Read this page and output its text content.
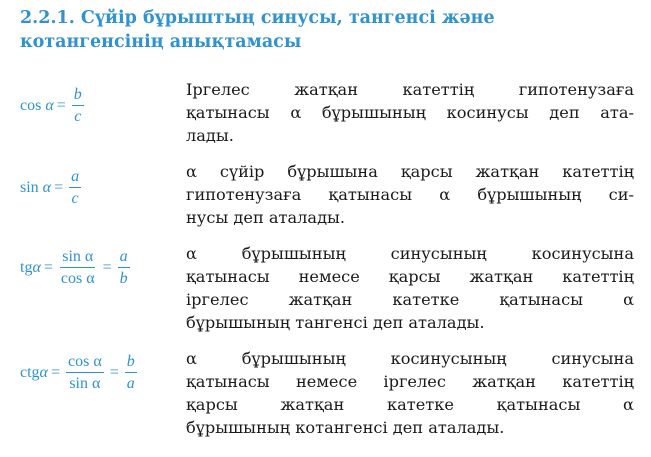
2.2.1. Сүйір бұрыштың синусы, тангенсі және
котангенсінің анықтамасы
cos
$\alpha = \frac{b}{c}$	Іргелес жатқан катеттің гипотенузаға
қатынасы α бұрышының косинусы деп ата-
лады.
sin
$\alpha = \frac{a}{c}$	α сүйір бұрышына қарсы жатқан катеттің
гипотенузаға қатынасы α бұрышының си-
нусы деп аталады.
tg $\alpha = \frac{\text{sin α}}{\text{cos α}} = \frac{a}{b}$	α бұрышының синусының косинусына
қатынасы немесе қарсы жатқан катеттің
іргелес жатқан катетке қатынасы α
бұрышының тангенсі деп аталады.
ctg $\alpha = \frac{\text{cos α}}{\text{sin α}} = \frac{b}{a}$	α бұрышының косинусының синусына
қатынасы немесе іргелес жатқан катеттің
қарсы жатқан катетке қатынасы α
бұрышының котангенсі деп аталады.
